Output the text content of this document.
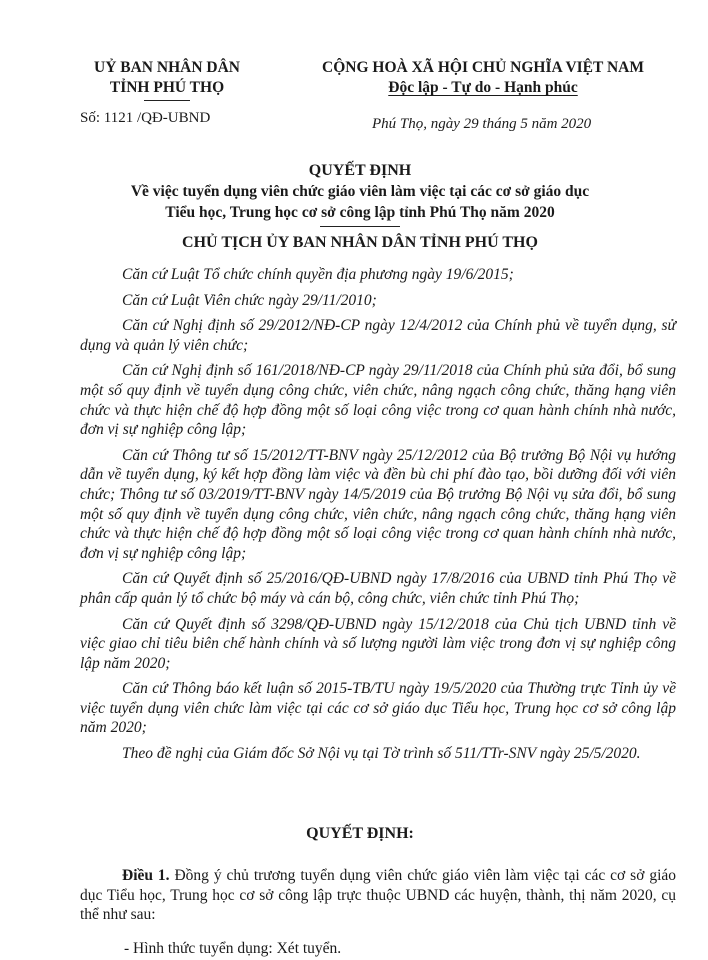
UỶ BAN NHÂN DÂN
TỈNH PHÚ THỌ
CỘNG HOÀ XÃ HỘI CHỦ NGHĨA VIỆT NAM
Độc lập - Tự do - Hạnh phúc
Số: 1121 /QĐ-UBND	Phú Thọ, ngày 29 tháng 5 năm 2020
QUYẾT ĐỊNH
Về việc tuyển dụng viên chức giáo viên làm việc tại các cơ sở giáo dục
Tiểu học, Trung học cơ sở công lập tỉnh Phú Thọ năm 2020
CHỦ TỊCH ỦY BAN NHÂN DÂN TỈNH PHÚ THỌ

Căn cứ Luật Tổ chức chính quyền địa phương ngày 19/6/2015;

Căn cứ Luật Viên chức ngày 29/11/2010;

Căn cứ Nghị định số 29/2012/NĐ-CP ngày 12/4/2012 của Chính phủ về tuyển dụng, sử dụng và quản lý viên chức;

Căn cứ Nghị định số 161/2018/NĐ-CP ngày 29/11/2018 của Chính phủ sửa đổi, bổ sung một số quy định về tuyển dụng công chức, viên chức, nâng ngạch công chức, thăng hạng viên chức và thực hiện chế độ hợp đồng một số loại công việc trong cơ quan hành chính nhà nước, đơn vị sự nghiệp công lập;

Căn cứ Thông tư số 15/2012/TT-BNV ngày 25/12/2012 của Bộ trưởng Bộ Nội vụ hướng dẫn về tuyển dụng, ký kết hợp đồng làm việc và đền bù chi phí đào tạo, bồi dưỡng đối với viên chức; Thông tư số 03/2019/TT-BNV ngày 14/5/2019 của Bộ trưởng Bộ Nội vụ sửa đổi, bổ sung một số quy định về tuyển dụng công chức, viên chức, nâng ngạch công chức, thăng hạng viên chức và thực hiện chế độ hợp đồng một số loại công việc trong cơ quan hành chính nhà nước, đơn vị sự nghiệp công lập;

Căn cứ Quyết định số 25/2016/QĐ-UBND ngày 17/8/2016 của UBND tỉnh Phú Thọ về phân cấp quản lý tổ chức bộ máy và cán bộ, công chức, viên chức tỉnh Phú Thọ;

Căn cứ Quyết định số 3298/QĐ-UBND ngày 15/12/2018 của Chủ tịch UBND tỉnh về việc giao chỉ tiêu biên chế hành chính và số lượng người làm việc trong đơn vị sự nghiệp công lập năm 2020;

Căn cứ Thông báo kết luận số 2015-TB/TU ngày 19/5/2020 của Thường trực Tỉnh ủy về việc tuyển dụng viên chức làm việc tại các cơ sở giáo dục Tiểu học, Trung học cơ sở công lập năm 2020;

Theo đề nghị của Giám đốc Sở Nội vụ tại Tờ trình số 511/TTr-SNV ngày 25/5/2020.

QUYẾT ĐỊNH:

Điều 1. Đồng ý chủ trương tuyển dụng viên chức giáo viên làm việc tại các cơ sở giáo dục Tiểu học, Trung học cơ sở công lập trực thuộc UBND các huyện, thành, thị năm 2020, cụ thể như sau:

- Hình thức tuyển dụng: Xét tuyển.
